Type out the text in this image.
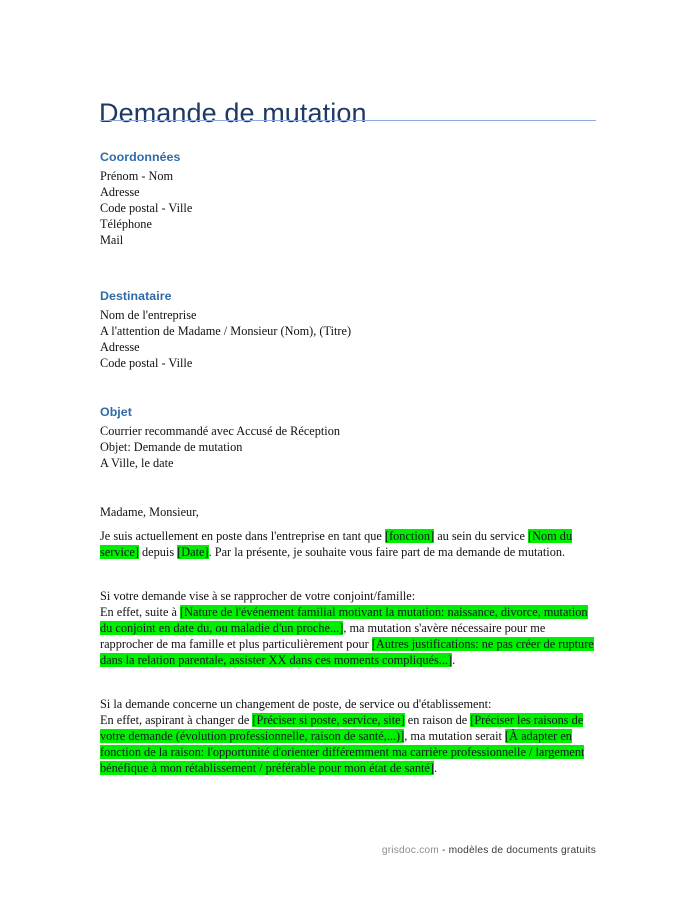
Demande de mutation
Coordonnées
Prénom - Nom
Adresse
Code postal - Ville
Téléphone
Mail
Destinataire
Nom de l'entreprise
A l'attention de Madame / Monsieur (Nom), (Titre)
Adresse
Code postal - Ville
Objet
Courrier recommandé avec Accusé de Réception
Objet: Demande de mutation
A Ville, le date

Madame, Monsieur,

Je suis actuellement en poste dans l'entreprise en tant que [fonction] au sein du service [Nom du service] depuis [Date]. Par la présente, je souhaite vous faire part de ma demande de mutation.

Si votre demande vise à se rapprocher de votre conjoint/famille:

En effet, suite à [Nature de l'événement familial motivant la mutation: naissance, divorce, mutation du conjoint en date du, ou maladie d'un proche...], ma mutation s'avère nécessaire pour me rapprocher de ma famille et plus particulièrement pour [Autres justifications: ne pas créer de rupture dans la relation parentale, assister XX dans ces moments compliqués...].

Si la demande concerne un changement de poste, de service ou d'établissement:

En effet, aspirant à changer de [Préciser si poste, service, site] en raison de [Préciser les raisons de votre demande (évolution professionnelle, raison de santé,...)], ma mutation serait [À adapter en fonction de la raison: l'opportunité d'orienter différemment ma carrière professionnelle / largement bénéfique à mon rétablissement / préférable pour mon état de santé].

grisdoc.com - modèles de documents gratuits
